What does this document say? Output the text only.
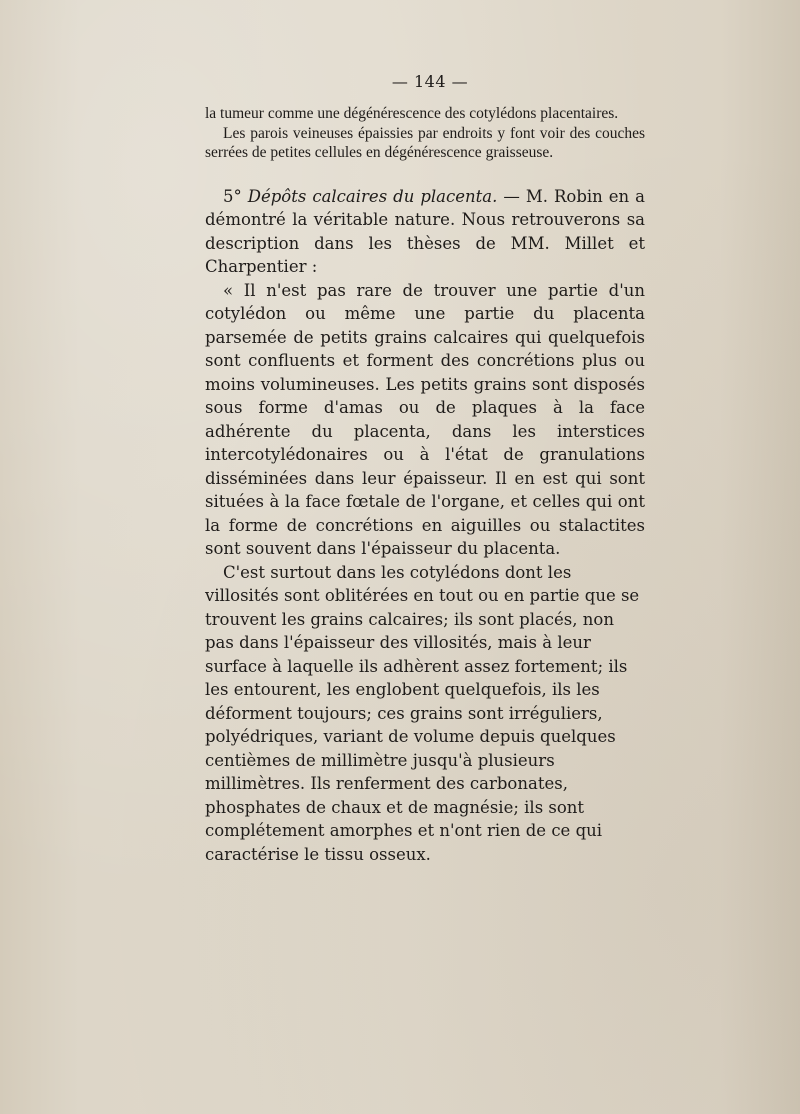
— 144 —

la tumeur comme une dégénérescence des cotylédons placentaires.

Les parois veineuses épaissies par endroits y font voir des couches serrées de petites cellules en dégénérescence graisseuse.

5° Dépôts calcaires du placenta. — M. Robin en a démontré la véritable nature. Nous retrouverons sa description dans les thèses de MM. Millet et Charpentier :

« Il n'est pas rare de trouver une partie d'un cotylédon ou même une partie du placenta parsemée de petits grains calcaires qui quelquefois sont confluents et forment des concrétions plus ou moins volumineuses. Les petits grains sont disposés sous forme d'amas ou de plaques à la face adhérente du placenta, dans les interstices intercotylédonaires ou à l'état de granulations disséminées dans leur épaisseur. Il en est qui sont situées à la face fœtale de l'organe, et celles qui ont la forme de concrétions en aiguilles ou stalactites sont souvent dans l'épaisseur du placenta.

C'est surtout dans les cotylédons dont les villosités sont oblitérées en tout ou en partie que se trouvent les grains calcaires; ils sont placés, non pas dans l'épaisseur des villosités, mais à leur surface à laquelle ils adhèrent assez fortement; ils les entourent, les englobent quelquefois, ils les déforment toujours; ces grains sont irréguliers, polyédriques, variant de volume depuis quelques centièmes de millimètre jusqu'à plusieurs millimètres. Ils renferment des carbonates, phosphates de chaux et de magnésie; ils sont complétement amorphes et n'ont rien de ce qui caractérise le tissu osseux.
